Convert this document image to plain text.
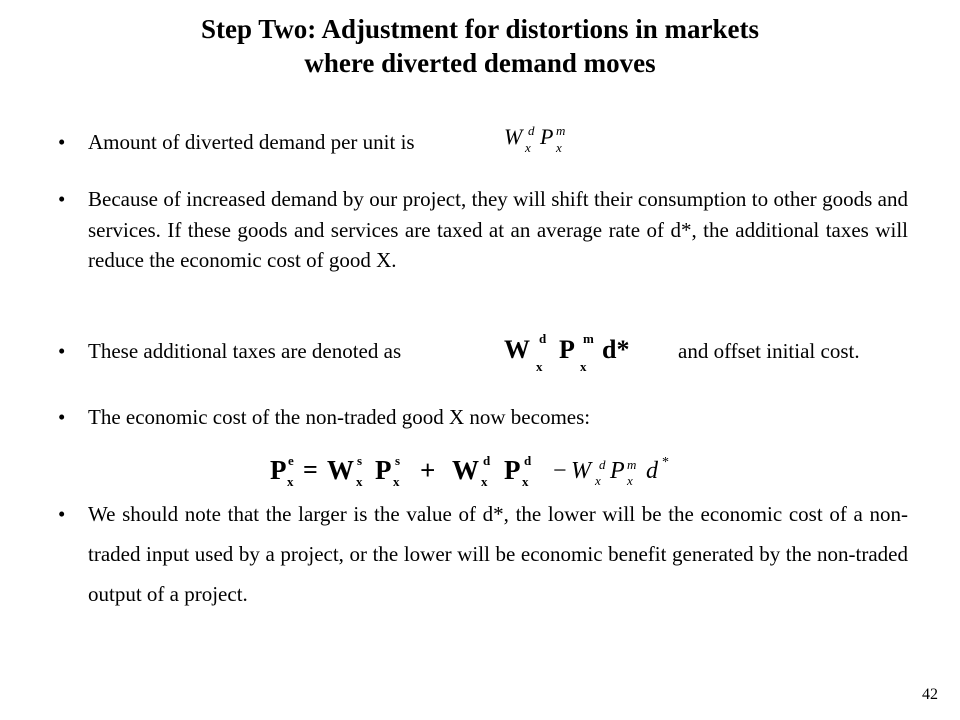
Step Two: Adjustment for distortions in markets
where diverted demand moves
•	Amount of diverted demand per unit is	W d
x P m
x
•	Because of increased demand by our project, they will shift their consumption to other goods and services. If these goods and services are taxed at an average rate of d*, the additional taxes will reduce the economic cost of good X.
•	These additional taxes are denoted as	W d
x
P m
x
d* and offset initial cost.
•	The economic cost of the non-traded good X now becomes:
P e
x = W s
x P s
x + W d
x P d
x − W d
x P m
x d *
•	We should note that the larger is the value of d*, the lower will be the economic cost of a non-traded input used by a project, or the lower will be economic benefit generated by the non-traded output of a project.
42
